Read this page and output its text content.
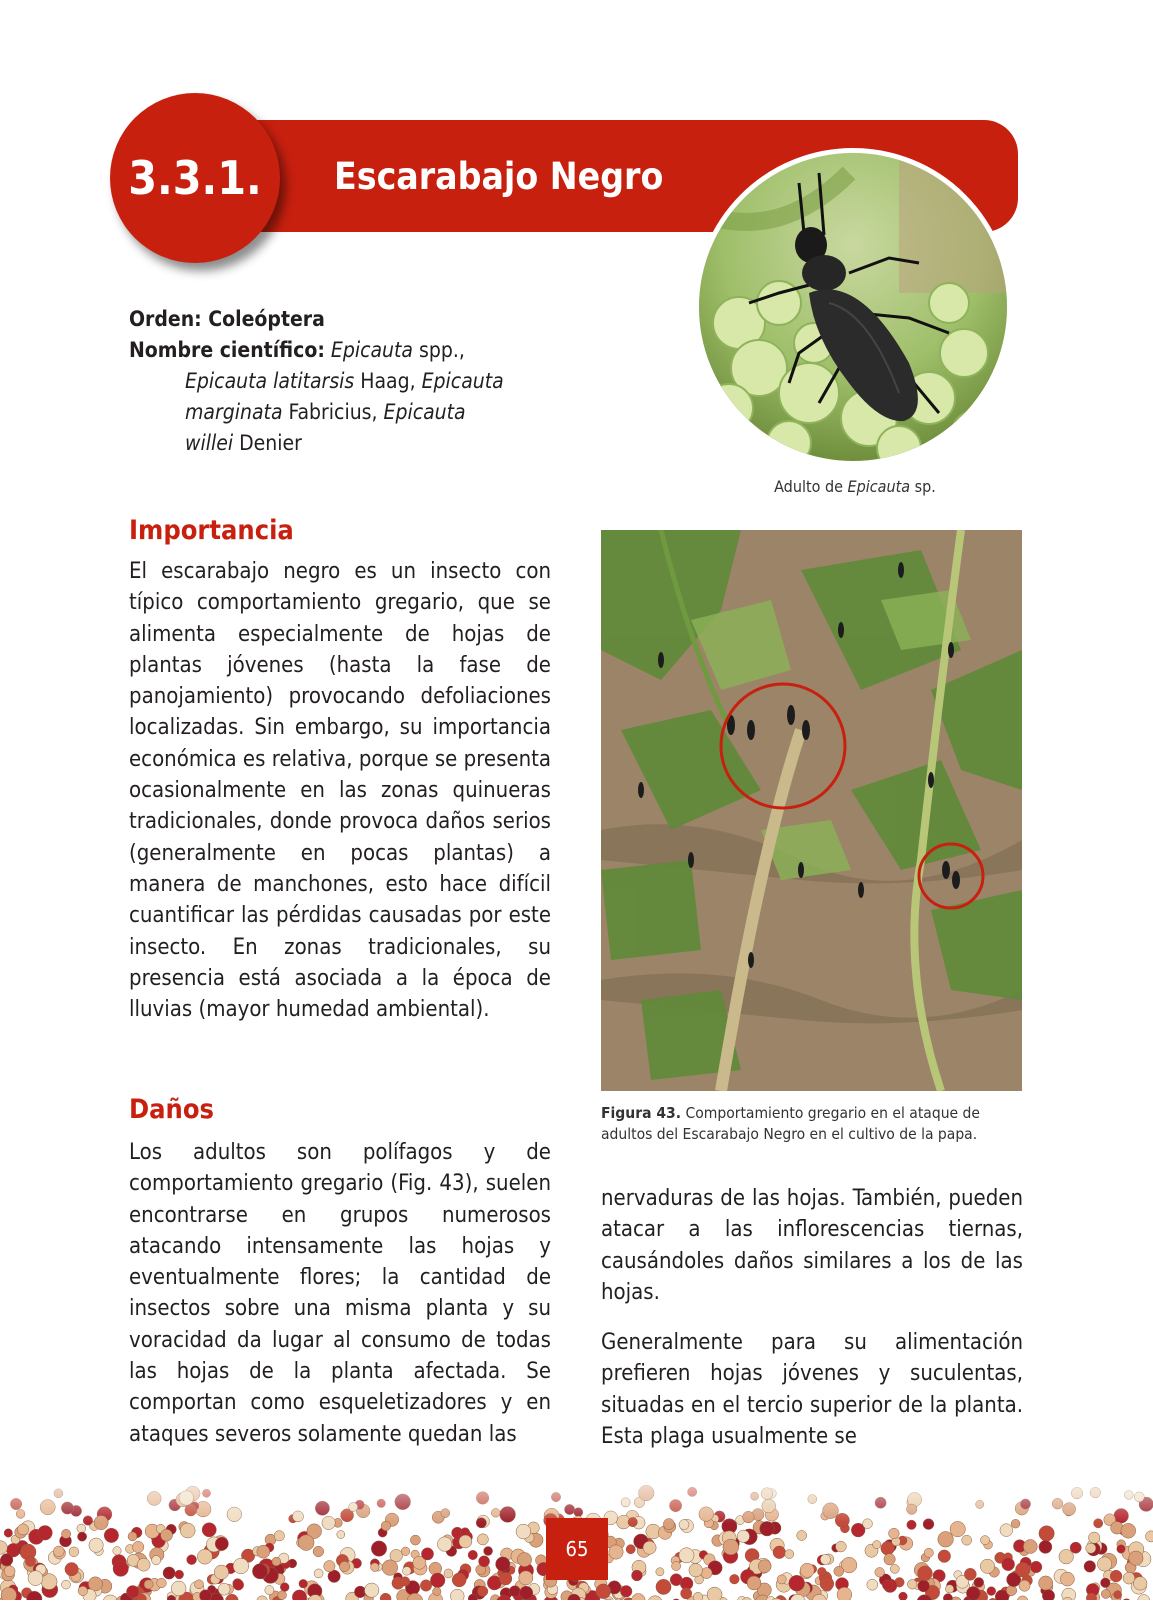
3.3.1.	Escarabajo Negro
Adulto de Epicauta sp.
Orden: Coleóptera
Nombre científico: Epicauta spp.,
Epicauta latitarsis Haag, Epicauta
marginata Fabricius, Epicauta
willei Denier
Importancia
El escarabajo negro es un insecto con típico comportamiento gregario, que se alimenta especialmente de hojas de plantas jóvenes (hasta la fase de panojamiento) provocando defoliaciones localizadas. Sin embargo, su importancia económica es relativa, porque se presenta ocasionalmente en las zonas quinueras tradicionales, donde provoca daños serios (generalmente en pocas plantas) a manera de manchones, esto hace difícil cuantificar las pérdidas causadas por este insecto. En zonas tradicionales, su presencia está asociada a la época de lluvias (mayor humedad ambiental).
Daños
Los adultos son polífagos y de comportamiento gregario (Fig. 43), suelen encontrarse en grupos numerosos atacando intensamente las hojas y eventualmente flores; la cantidad de insectos sobre una misma planta y su voracidad da lugar al consumo de todas las hojas de la planta afectada. Se comportan como esqueletizadores y en ataques severos solamente quedan las
Figura 43. Comportamiento gregario en el ataque de adultos del Escarabajo Negro en el cultivo de la papa.
nervaduras de las hojas. También, pueden atacar a las inflorescencias tiernas, causándoles daños similares a los de las hojas.
Generalmente para su alimentación prefieren hojas jóvenes y suculentas, situadas en el tercio superior de la planta. Esta plaga usualmente se
65
